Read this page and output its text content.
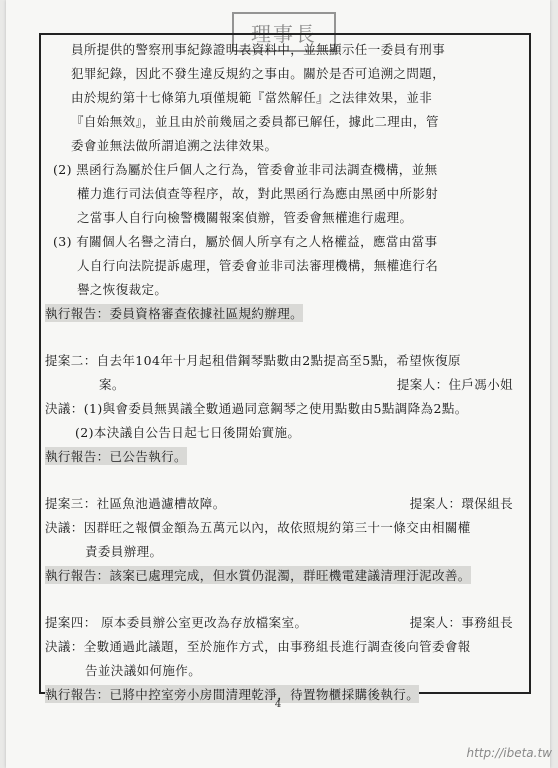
理事長
員所提供的警察刑事紀錄證明表資料中，並無顯示任一委員有刑事
犯罪紀錄，因此不發生違反規約之事由。關於是否可追溯之問題，
由於規約第十七條第九項僅規範『當然解任』之法律效果，並非
『自始無效』，並且由於前幾屆之委員都已解任，據此二理由，管
委會並無法做所謂追溯之法律效果。
(2) 黑函行為屬於住戶個人之行為，管委會並非司法調查機構，並無
權力進行司法偵查等程序，故，對此黑函行為應由黑函中所影射
之當事人自行向檢警機關報案偵辦，管委會無權進行處理。
(3) 有關個人名譽之清白，屬於個人所享有之人格權益，應當由當事
人自行向法院提訴處理，管委會並非司法審理機構，無權進行名
譽之恢復裁定。
執行報告：委員資格審查依據社區規約辦理。
提案二：自去年104年十月起租借鋼琴點數由2點提高至5點，希望恢復原
案。	提案人：住戶馮小姐
決議：(1)與會委員無異議全數通過同意鋼琴之使用點數由5點調降為2點。
(2)本決議自公告日起七日後開始實施。
執行報告：已公告執行。
提案三：社區魚池過濾槽故障。	提案人：環保組長
決議：因群旺之報價金額為五萬元以內，故依照規約第三十一條交由相關權
責委員辦理。
執行報告：該案已處理完成，但水質仍混濁，群旺機電建議清理汙泥改善。
提案四： 原本委員辦公室更改為存放檔案室。	提案人：事務組長
決議：全數通過此議題，至於施作方式，由事務組長進行調查後向管委會報
告並決議如何施作。
執行報告：已將中控室旁小房間清理乾淨，待置物櫃採購後執行。
4
http://ibeta.tw
